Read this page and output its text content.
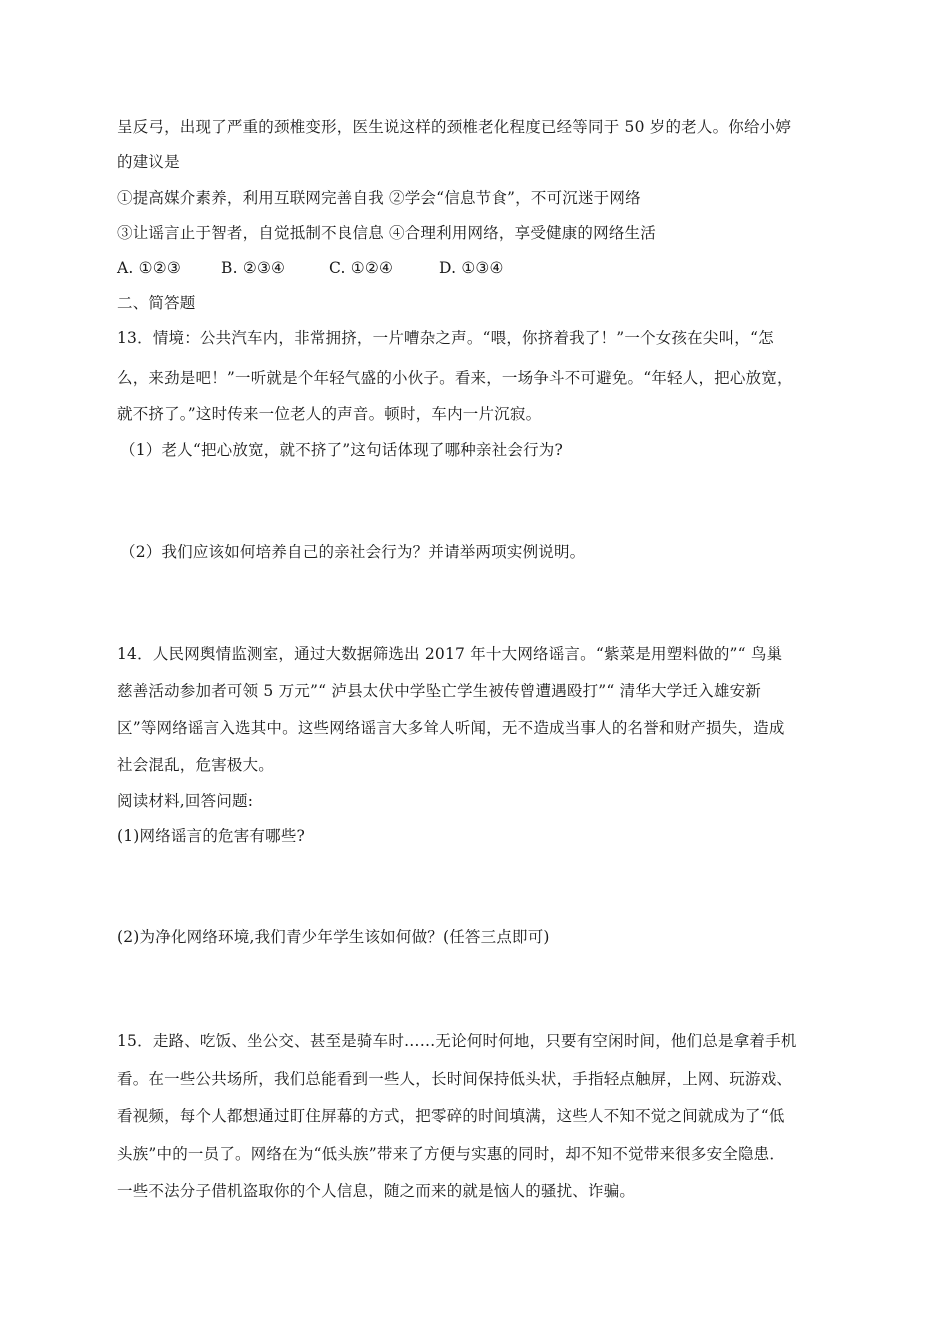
呈反弓，出现了严重的颈椎变形，医生说这样的颈椎老化程度已经等同于 50 岁的老人。你给小婷
的建议是
①提高媒介素养，利用互联网完善自我 ②学会“信息节食”，不可沉迷于网络
③让谣言止于智者，自觉抵制不良信息 ④合理利用网络，享受健康的网络生活
A. ①②③	B. ②③④	C. ①②④	D. ①③④
二、简答题
13．情境：公共汽车内，非常拥挤，一片嘈杂之声。“喂，你挤着我了！”一个女孩在尖叫，“怎
么，来劲是吧！”一听就是个年轻气盛的小伙子。看来，一场争斗不可避免。“年轻人，把心放宽，
就不挤了。”这时传来一位老人的声音。顿时，车内一片沉寂。
（1）老人“把心放宽，就不挤了”这句话体现了哪种亲社会行为?
（2）我们应该如何培养自己的亲社会行为？并请举两项实例说明。
14．人民网舆情监测室，通过大数据筛选出 2017 年十大网络谣言。“紫菜是用塑料做的”“ 鸟巢
慈善活动参加者可领 5 万元”“ 泸县太伏中学坠亡学生被传曾遭遇殴打”“ 清华大学迁入雄安新
区”等网络谣言入选其中。这些网络谣言大多耸人听闻，无不造成当事人的名誉和财产损失，造成
社会混乱，危害极大。
阅读材料,回答问题:
(1)网络谣言的危害有哪些?
(2)为净化网络环境,我们青少年学生该如何做？(任答三点即可)
15．走路、吃饭、坐公交、甚至是骑车时……无论何时何地，只要有空闲时间，他们总是拿着手机
看。在一些公共场所，我们总能看到一些人，长时间保持低头状，手指轻点触屏，上网、玩游戏、
看视频，每个人都想通过盯住屏幕的方式，把零碎的时间填满，这些人不知不觉之间就成为了“低
头族”中的一员了。网络在为“低头族”带来了方便与实惠的同时，却不知不觉带来很多安全隐患．
一些不法分子借机盗取你的个人信息，随之而来的就是恼人的骚扰、诈骗。
